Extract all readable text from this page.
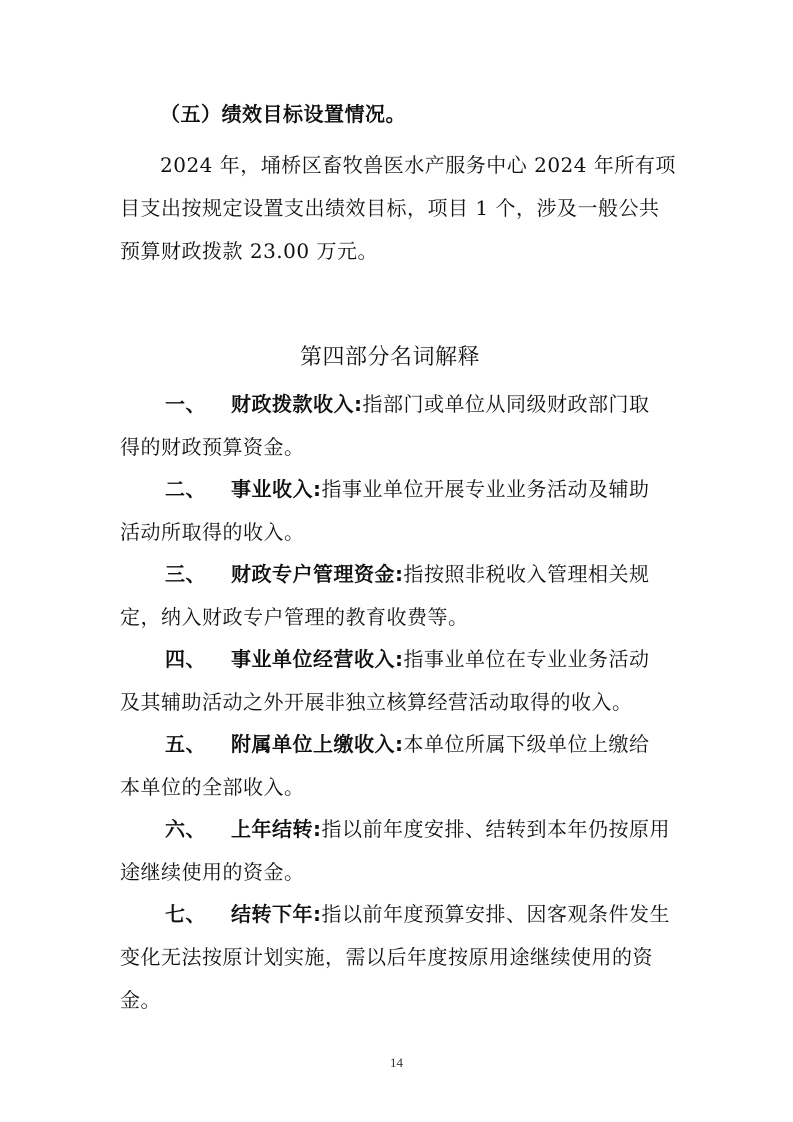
（五）绩效目标设置情况。
2024 年，埇桥区畜牧兽医水产服务中心 2024 年所有项
目支出按规定设置支出绩效目标，项目 1 个，涉及一般公共
预算财政拨款 23.00 万元。
第四部分名词解释
一、 财政拨款收入:指部门或单位从同级财政部门取
得的财政预算资金。
二、 事业收入:指事业单位开展专业业务活动及辅助
活动所取得的收入。
三、 财政专户管理资金:指按照非税收入管理相关规
定，纳入财政专户管理的教育收费等。
四、 事业单位经营收入:指事业单位在专业业务活动
及其辅助活动之外开展非独立核算经营活动取得的收入。
五、 附属单位上缴收入:本单位所属下级单位上缴给
本单位的全部收入。
六、 上年结转:指以前年度安排、结转到本年仍按原用
途继续使用的资金。
七、 结转下年:指以前年度预算安排、因客观条件发生
变化无法按原计划实施，需以后年度按原用途继续使用的资
金。
14
